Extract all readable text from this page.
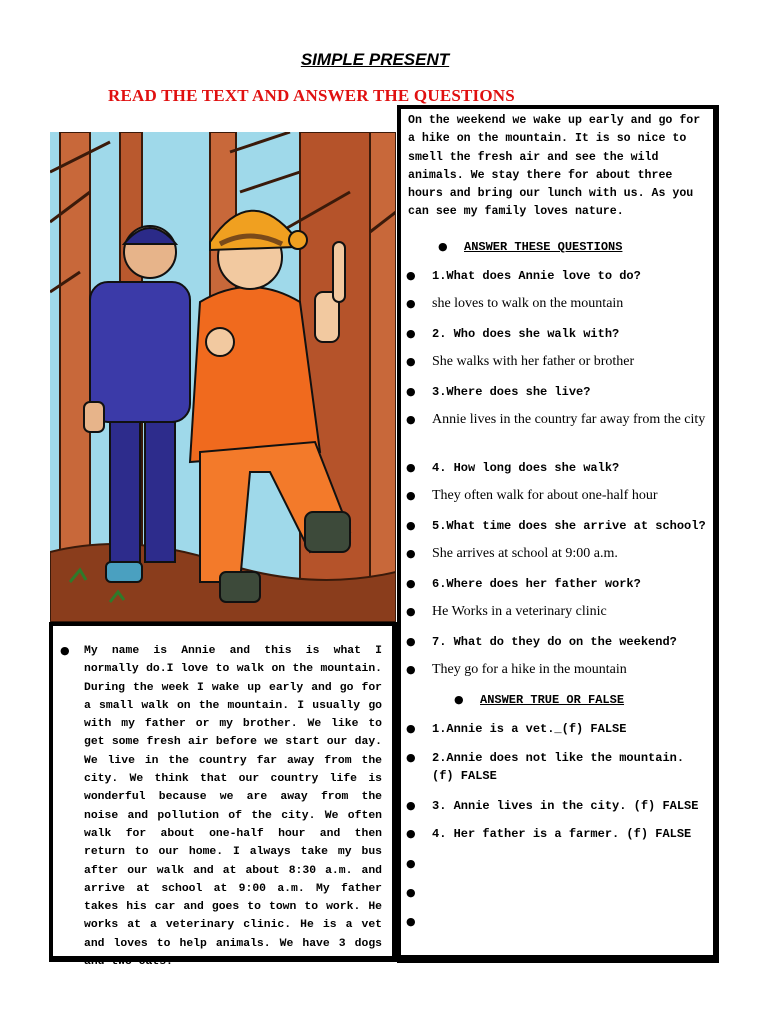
SIMPLE PRESENT
READ THE TEXT AND ANSWER THE QUESTIONS
On the weekend we wake up early and go for a hike on the mountain. It is so nice to smell the fresh air and see the wild animals. We stay there for about three hours and bring our lunch with us. As you can see my family loves nature.
● ANSWER THESE QUESTIONS
● 1.What does Annie love to do?
● she loves to walk on the mountain
● 2. Who does she walk with?
● She walks with her father or brother
● 3.Where does she live?
● Annie lives in the country far away from the city
● 4. How long does she walk?
● They often walk for about one-half hour
● 5.What time does she arrive at school?
● She arrives at school at 9:00 a.m.
● 6.Where does her father work?
● He Works in a veterinary clinic
● 7. What do they do on the weekend?
● They go for a hike in the mountain
● ANSWER TRUE OR FALSE
● 1.Annie is a vet._(f) FALSE
● 2.Annie does not like the mountain. (f) FALSE
● 3. Annie lives in the city. (f) FALSE
● 4. Her father is a farmer. (f) FALSE
●
●
●
● My name is Annie and this is what I normally do.I love to walk on the mountain. During the week I wake up early and go for a small walk on the mountain. I usually go with my father or my brother. We like to get some fresh air before we start our day. We live in the country far away from the city. We think that our country life is wonderful because we are away from the noise and pollution of the city. We often walk for about one-half hour and then return to our home. I always take my bus after our walk and at about 8:30 a.m. and arrive at school at 9:00 a.m. My father takes his car and goes to town to work. He works at a veterinary clinic. He is a vet and loves to help animals. We have 3 dogs and two cats.
